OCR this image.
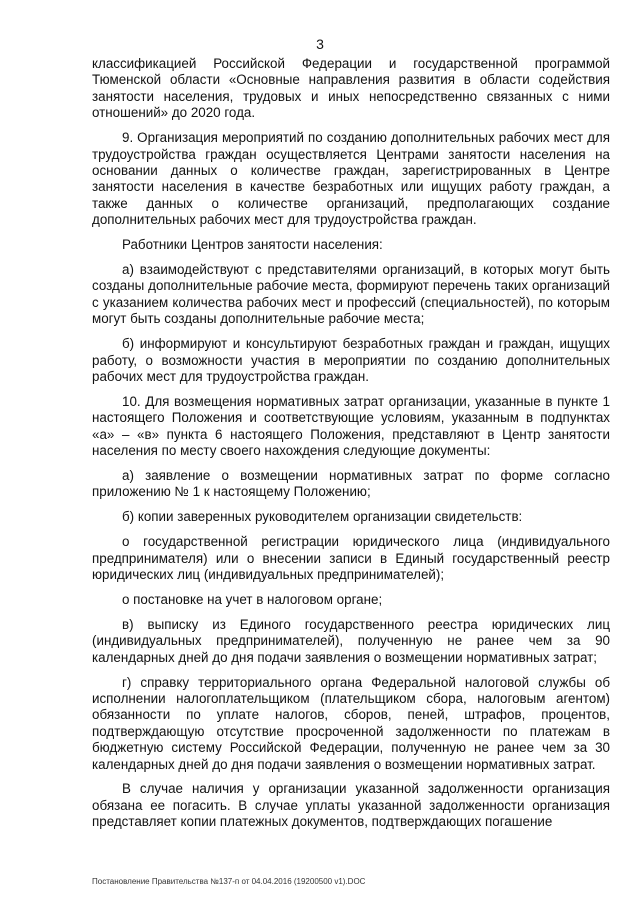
3

классификацией Российской Федерации и государственной программой Тюменской области «Основные направления развития в области содействия занятости населения, трудовых и иных непосредственно связанных с ними отношений» до 2020 года.

9. Организация мероприятий по созданию дополнительных рабочих мест для трудоустройства граждан осуществляется Центрами занятости населения на основании данных о количестве граждан, зарегистрированных в Центре занятости населения в качестве безработных или ищущих работу граждан, а также данных о количестве организаций, предполагающих создание дополнительных рабочих мест для трудоустройства граждан.

Работники Центров занятости населения:

а) взаимодействуют с представителями организаций, в которых могут быть созданы дополнительные рабочие места, формируют перечень таких организаций с указанием количества рабочих мест и профессий (специальностей), по которым могут быть созданы дополнительные рабочие места;

б) информируют и консультируют безработных граждан и граждан, ищущих работу, о возможности участия в мероприятии по созданию дополнительных рабочих мест для трудоустройства граждан.

10. Для возмещения нормативных затрат организации, указанные в пункте 1 настоящего Положения и соответствующие условиям, указанным в подпунктах «а» – «в» пункта 6 настоящего Положения, представляют в Центр занятости населения по месту своего нахождения следующие документы:

а) заявление о возмещении нормативных затрат по форме согласно приложению № 1 к настоящему Положению;

б) копии заверенных руководителем организации свидетельств:

о государственной регистрации юридического лица (индивидуального предпринимателя) или о внесении записи в Единый государственный реестр юридических лиц (индивидуальных предпринимателей);

о постановке на учет в налоговом органе;

в) выписку из Единого государственного реестра юридических лиц (индивидуальных предпринимателей), полученную не ранее чем за 90 календарных дней до дня подачи заявления о возмещении нормативных затрат;

г) справку территориального органа Федеральной налоговой службы об исполнении налогоплательщиком (плательщиком сбора, налоговым агентом) обязанности по уплате налогов, сборов, пеней, штрафов, процентов, подтверждающую отсутствие просроченной задолженности по платежам в бюджетную систему Российской Федерации, полученную не ранее чем за 30 календарных дней до дня подачи заявления о возмещении нормативных затрат.

В случае наличия у организации указанной задолженности организация обязана ее погасить. В случае уплаты указанной задолженности организация представляет копии платежных документов, подтверждающих погашение

Постановление Правительства №137-п от 04.04.2016 (19200500 v1).DOC
